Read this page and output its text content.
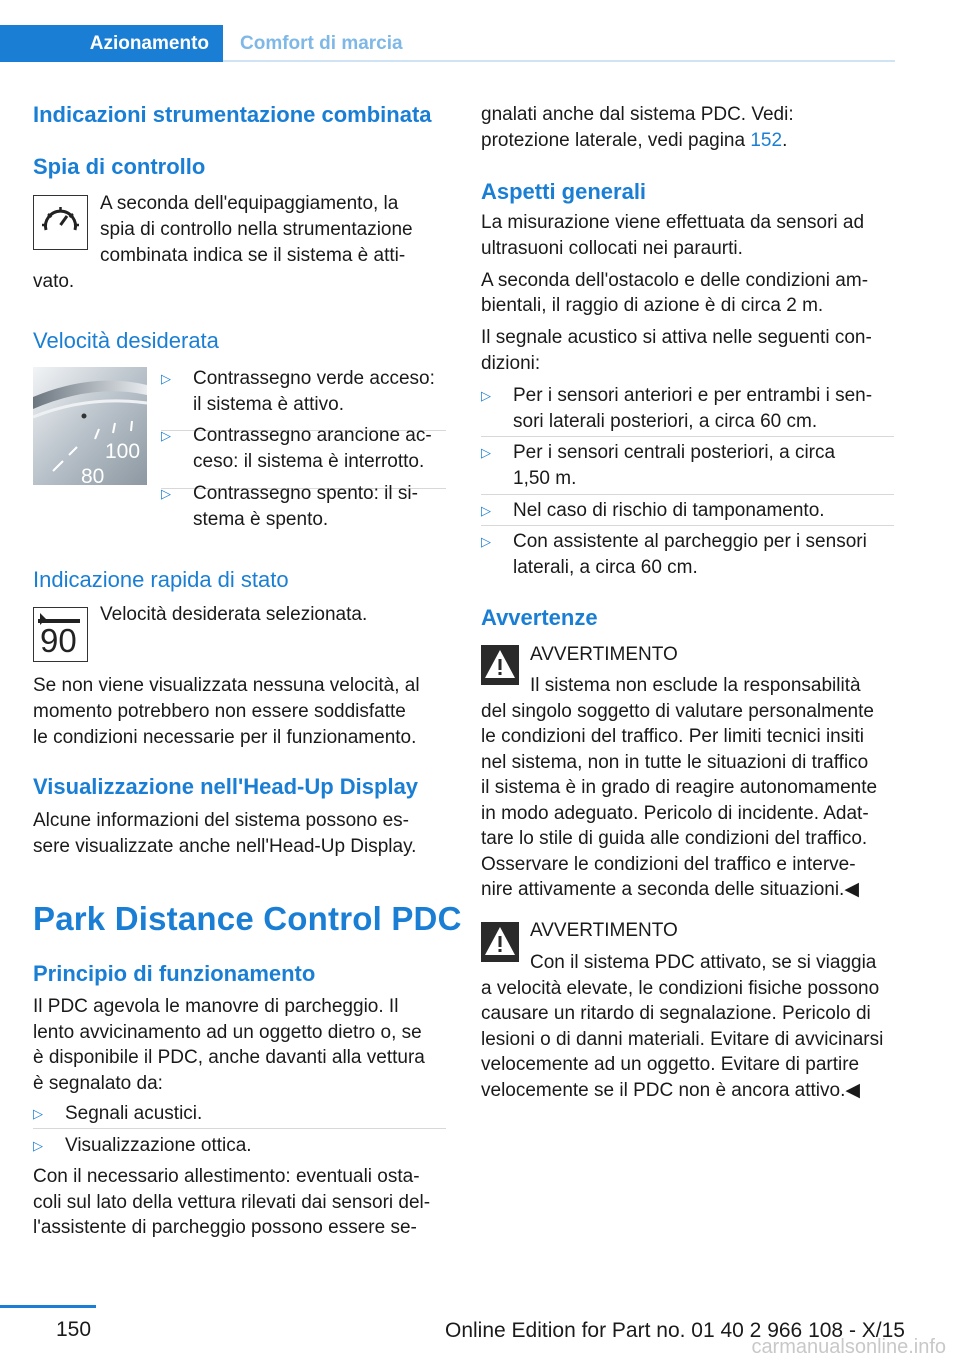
Azionamento	Comfort di marcia
Indicazioni strumentazione combinata
Spia di controllo
A seconda dell'equipaggiamento, la
spia di controllo nella strumentazione
combinata indica se il sistema è atti‐
vato.
Velocità desiderata
100
80
▷ Contrassegno verde acceso:
il sistema è attivo.
▷ Contrassegno arancione ac‐
ceso: il sistema è interrotto.
▷ Contrassegno spento: il si‐
stema è spento.
Indicazione rapida di stato
90
Velocità desiderata selezionata.
Se non viene visualizzata nessuna velocità, al
momento potrebbero non essere soddisfatte
le condizioni necessarie per il funzionamento.
Visualizzazione nell'Head-Up Display
Alcune informazioni del sistema possono es‐
sere visualizzate anche nell'Head-Up Display.
Park Distance Control PDC
Principio di funzionamento
Il PDC agevola le manovre di parcheggio. Il
lento avvicinamento ad un oggetto dietro o, se
è disponibile il PDC, anche davanti alla vettura
è segnalato da:
▷ Segnali acustici.
▷ Visualizzazione ottica.
Con il necessario allestimento: eventuali osta‐
coli sul lato della vettura rilevati dai sensori del‐
l'assistente di parcheggio possono essere se‐
gnalati anche dal sistema PDC. Vedi:
protezione laterale, vedi pagina 152.
Aspetti generali
La misurazione viene effettuata da sensori ad
ultrasuoni collocati nei paraurti.
A seconda dell'ostacolo e delle condizioni am‐
bientali, il raggio di azione è di circa 2 m.
Il segnale acustico si attiva nelle seguenti con‐
dizioni:
▷ Per i sensori anteriori e per entrambi i sen‐
sori laterali posteriori, a circa 60 cm.
▷ Per i sensori centrali posteriori, a circa
1,50 m.
▷ Nel caso di rischio di tamponamento.
▷ Con assistente al parcheggio per i sensori
laterali, a circa 60 cm.
Avvertenze
AVVERTIMENTO
Il sistema non esclude la responsabilità
del singolo soggetto di valutare personalmente
le condizioni del traffico. Per limiti tecnici insiti
nel sistema, non in tutte le situazioni di traffico
il sistema è in grado di reagire autonomamente
in modo adeguato. Pericolo di incidente. Adat‐
tare lo stile di guida alle condizioni del traffico.
Osservare le condizioni del traffico e interve‐
nire attivamente a seconda delle situazioni.◀
AVVERTIMENTO
Con il sistema PDC attivato, se si viaggia
a velocità elevate, le condizioni fisiche possono
causare un ritardo di segnalazione. Pericolo di
lesioni o di danni materiali. Evitare di avvicinarsi
velocemente ad un oggetto. Evitare di partire
velocemente se il PDC non è ancora attivo.◀
150	Online Edition for Part no. 01 40 2 966 108 - X/15
carmanualsonline.info
